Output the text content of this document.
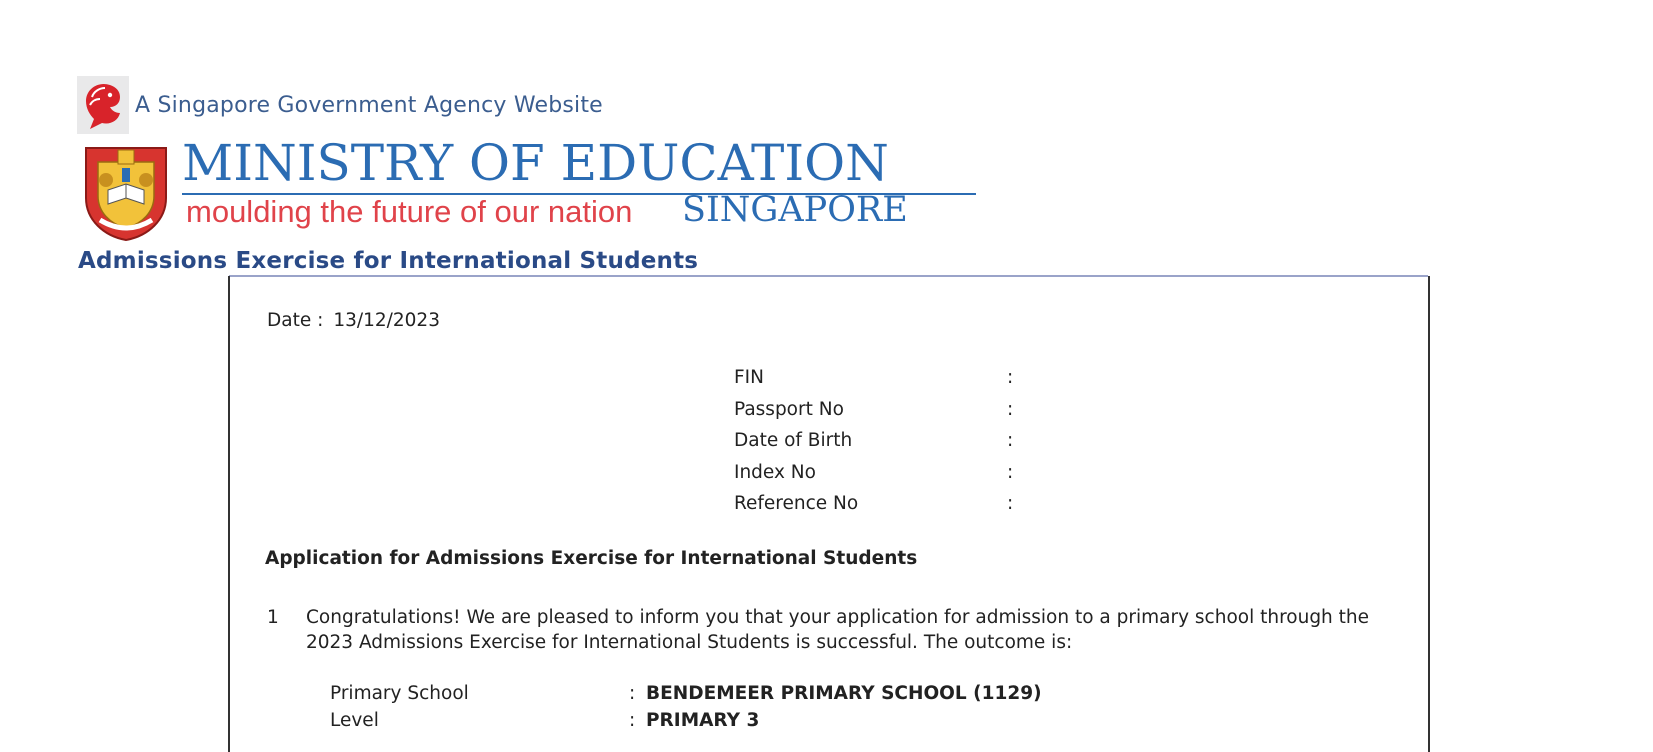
A Singapore Government Agency Website
MINISTRY OF EDUCATION
moulding the future of our nation SINGAPORE
Admissions Exercise for International Students
Date : 13/12/2023
FIN	:
Passport No	:
Date of Birth	:
Index No	:
Reference No	:
Application for Admissions Exercise for International Students
1 Congratulations! We are pleased to inform you that your application for admission to a primary school through the 2023 Admissions Exercise for International Students is successful. The outcome is:
Primary School	: BENDEMEER PRIMARY SCHOOL (1129)
Level	: PRIMARY 3
